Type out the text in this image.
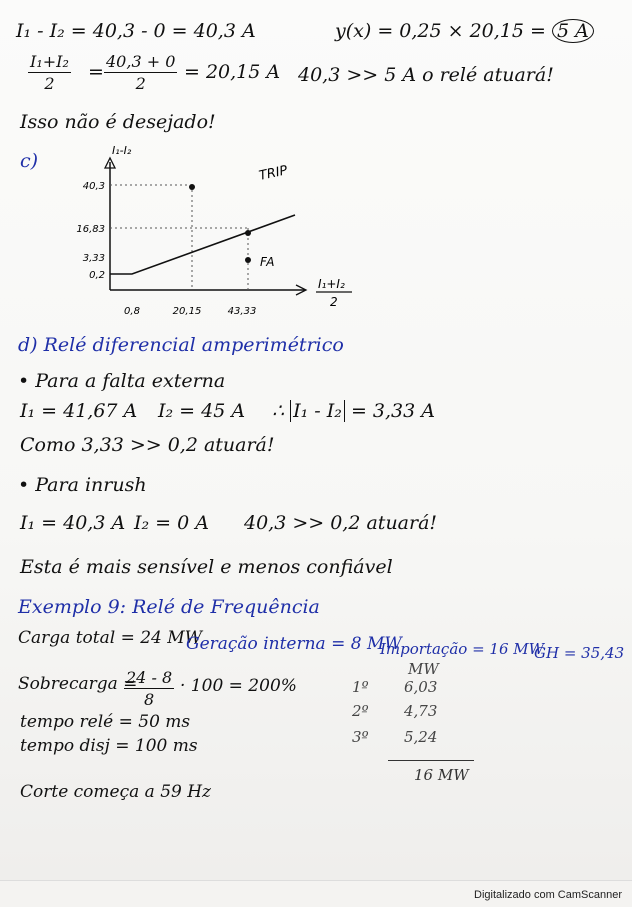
I₁ - I₂ = 40,3 - 0 = 40,3 A	y(x) = 0,25 × 20,15 = 5 A
$\frac{\text{I₁+I₂}}{2} = \frac{40,3 + 0}{2} = 20,15$ A 40,3 >> 5 A o relé atuará!
Isso não é desejado!
c)	I₁-I₂
I₁+I₂
2
40,3
16,83
3,33
0,2
0,8	20,15	43,33
FA
TRIP
d) Relé diferencial amperimétrico
• Para a falta externa
I₁ = 41,67 A I₂ = 45 A ∴ I₁ - I₂ = 3,33 A
Como 3,33 >> 0,2 atuará!
• Para inrush
I₁ = 40,3 A I₂ = 0 A 40,3 >> 0,2 atuará!
Esta é mais sensível e menos confiável
Exemplo 9: Relé de Frequência
Carga total = 24 MW
Geração interna = 8 MW
Importação = 16 MW
GH = 35,43
Sobrecarga =
$\frac{24 - 8}{8} \cdot 100 = 200\%$
tempo relé = 50 ms
tempo disj = 100 ms
Corte começa a 59 Hz
MW
1º 6,03
2º 4,73
3º 5,24
16 MW
Digitalizado com CamScanner
